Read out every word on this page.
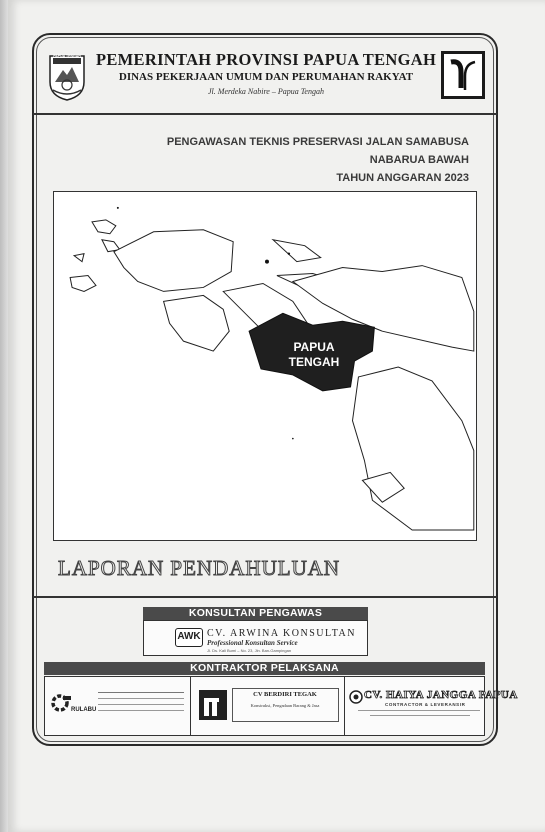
PAPUA TENGAH PEMERINTAH PROVINSI PAPUA TENGAH
DINAS PEKERJAAN UMUM DAN PERUMAHAN RAKYAT
Jl. Merdeka Nabire – Papua Tengah
PENGAWASAN TEKNIS PRESERVASI JALAN SAMABUSA
NABARUA BAWAH
TAHUN ANGGARAN 2023
PAPUA
TENGAH
LAPORAN PENDAHULUAN
KONSULTAN PENGAWAS
AWK CV. ARWINA KONSULTAN
Professional Konsultan Service
Jl. Ds. Kali Bumi – No. 23, Jln. Ban-Gampingan
KONTRAKTOR PELAKSANA
RULABU
CV BERDIRI TEGAK
Konstruksi, Pengadaan Barang & Jasa
CV. HAIYA JANGGA PAPUA
CONTRACTOR & LEVERANSIR
